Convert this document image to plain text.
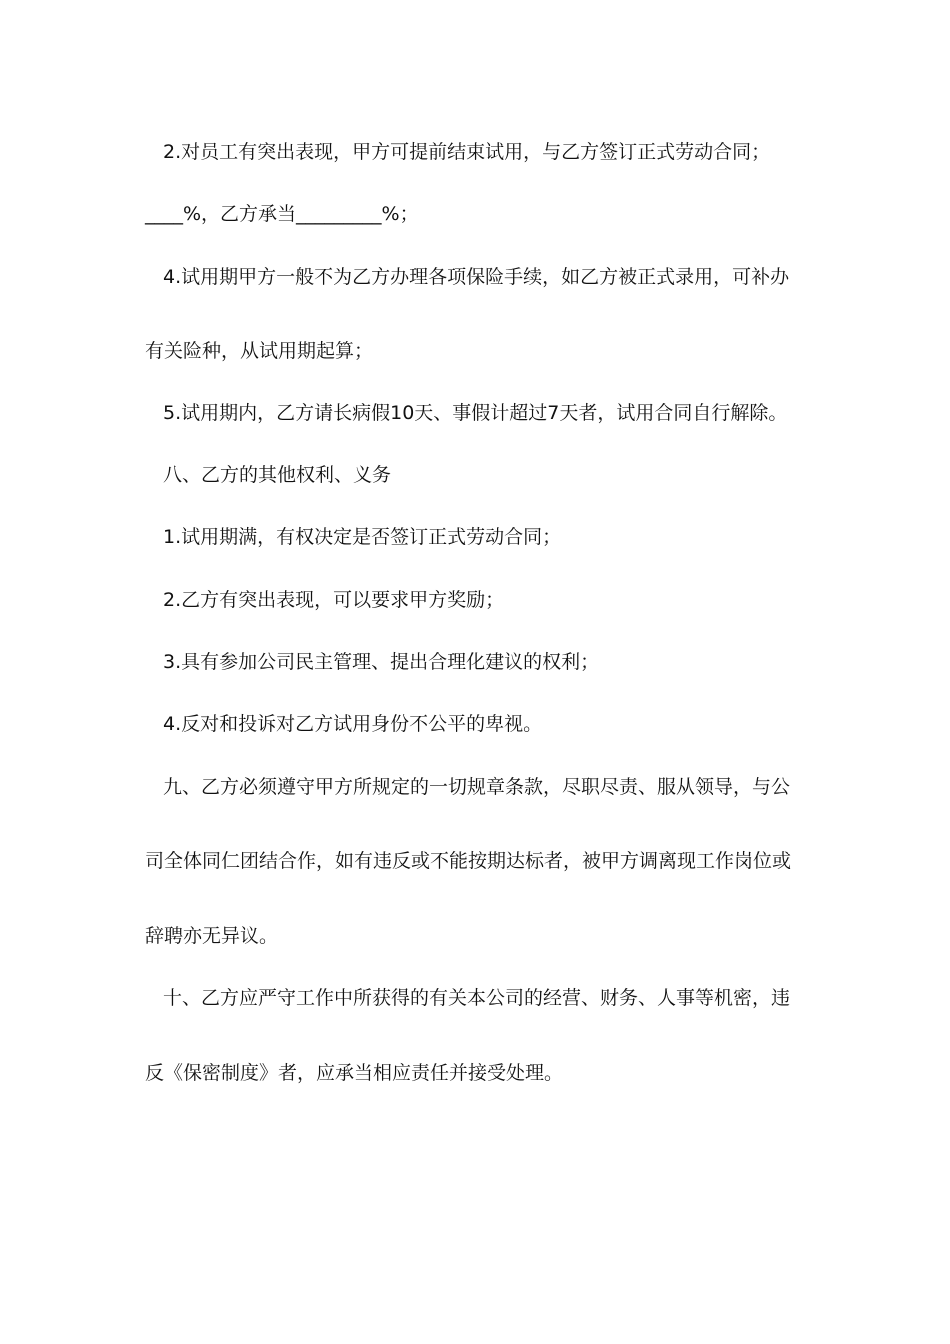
2.对员工有突出表现，甲方可提前结束试用，与乙方签订正式劳动合同；
____%，乙方承当_________%；
4.试用期甲方一般不为乙方办理各项保险手续，如乙方被正式录用，可补办
有关险种，从试用期起算；
5.试用期内，乙方请长病假10天、事假计超过7天者，试用合同自行解除。
八、乙方的其他权利、义务
1.试用期满，有权决定是否签订正式劳动合同；
2.乙方有突出表现，可以要求甲方奖励；
3.具有参加公司民主管理、提出合理化建议的权利；
4.反对和投诉对乙方试用身份不公平的卑视。
九、乙方必须遵守甲方所规定的一切规章条款，尽职尽责、服从领导，与公
司全体同仁团结合作，如有违反或不能按期达标者，被甲方调离现工作岗位或
辞聘亦无异议。
十、乙方应严守工作中所获得的有关本公司的经营、财务、人事等机密，违
反《保密制度》者，应承当相应责任并接受处理。
